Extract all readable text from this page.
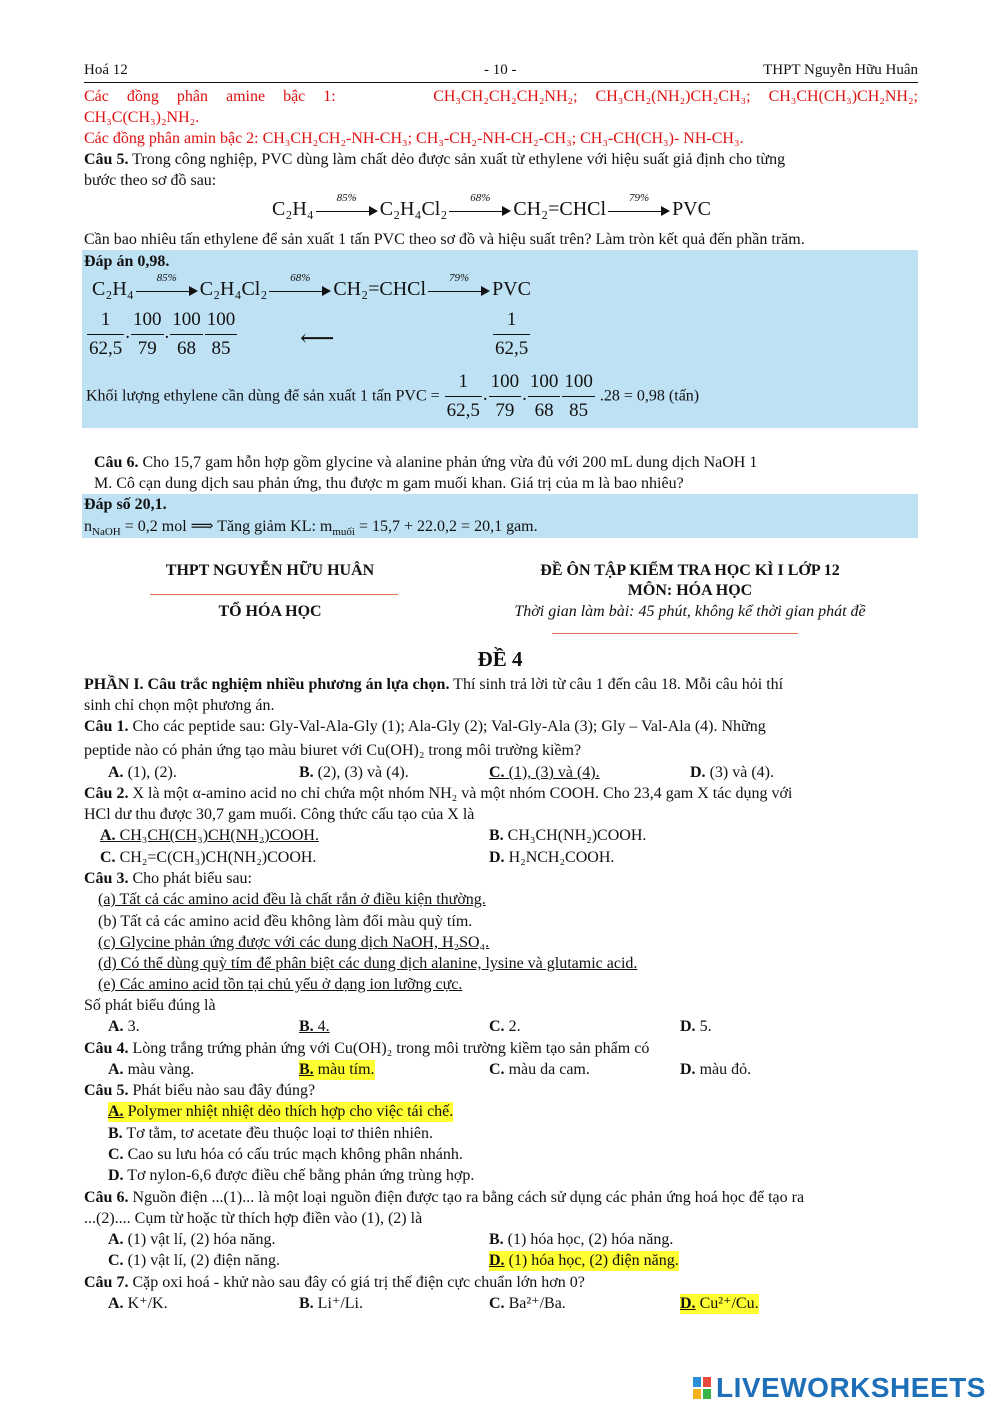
Hoá 12	- 10 -	THPT Nguyễn Hữu Huân
Các đồng phân amine bậc 1:	CH₃CH₂CH₂CH₂NH₂; CH₃CH₂(NH₂)CH₂CH₃; CH₃CH(CH₃)CH₂NH₂;
CH₃C(CH₃)₂NH₂.
Các đồng phân amin bậc 2: CH₃CH₂CH₂-NH-CH₃; CH₃-CH₂-NH-CH₂-CH₃; CH₃-CH(CH₃)- NH-CH₃.
Câu 5. Trong công nghiệp, PVC dùng làm chất dẻo được sản xuất từ ethylene với hiệu suất giả định cho từng
bước theo sơ đồ sau:
C₂H₄	85%	C₂H₄Cl₂	68%	CH₂=CHCl	79%	PVC
Cần bao nhiêu tấn ethylene để sản xuất 1 tấn PVC theo sơ đồ và hiệu suất trên? Làm tròn kết quả đến phần trăm.
Đáp án 0,98.
C₂H₄	85%	C₂H₄Cl₂	68%	CH₂=CHCl	79%	PVC
$\frac{1}{62,5}$ . $\frac{100}{79}$ . $\frac{100}{68} \frac{100}{85}$	⟵	$\frac{1}{62,5}$
Khối lượng ethylene cần dùng để sản xuất 1 tấn PVC = $\frac{1}{62,5}$ . $\frac{100}{79}$ . $\frac{100}{68} \frac{100}{85} .28 = 0,98$ (tấn)
Câu 6. Cho 15,7 gam hỗn hợp gồm glycine và alanine phản ứng vừa đủ với 200 mL dung dịch NaOH 1
M. Cô cạn dung dịch sau phản ứng, thu được m gam muối khan. Giá trị của m là bao nhiêu?
Đáp số 20,1.
$n_{NaOH} = 0,2$ mol ⟹ Tăng giảm KL: $m_{muối} = 15,7 + 22.0,2 = 20,1$ gam.
THPT NGUYỄN HỮU HUÂN
TỔ HÓA HỌC
ĐỀ ÔN TẬP KIỂM TRA HỌC KÌ I LỚP 12
MÔN: HÓA HỌC
Thời gian làm bài: 45 phút, không kể thời gian phát đề
ĐỀ 4
PHẦN I. Câu trắc nghiệm nhiều phương án lựa chọn. Thí sinh trả lời từ câu 1 đến câu 18. Mỗi câu hỏi thí
sinh chỉ chọn một phương án.
Câu 1. Cho các peptide sau: Gly-Val-Ala-Gly (1); Ala-Gly (2); Val-Gly-Ala (3); Gly – Val-Ala (4). Những
peptide nào có phản ứng tạo màu biuret với Cu(OH)₂ trong môi trường kiềm?
A. (1), (2).	B. (2), (3) và (4).	C. (1), (3) và (4).	D. (3) và (4).
Câu 2. X là một α-amino acid no chỉ chứa một nhóm NH₂ và một nhóm COOH. Cho 23,4 gam X tác dụng với
HCl dư thu được 30,7 gam muối. Công thức cấu tạo của X là
A. CH₃CH(CH₃)CH(NH₂)COOH.	B. CH₃CH(NH₂)COOH.
C. CH₂=C(CH₃)CH(NH₂)COOH.	D. H₂NCH₂COOH.
Câu 3. Cho phát biểu sau:
(a) Tất cả các amino acid đều là chất rắn ở điều kiện thường.
(b) Tất cả các amino acid đều không làm đổi màu quỳ tím.
(c) Glycine phản ứng được với các dung dịch NaOH, H₂SO₄.
(d) Có thể dùng quỳ tím để phân biệt các dung dịch alanine, lysine và glutamic acid.
(e) Các amino acid tồn tại chủ yếu ở dạng ion lưỡng cực.
Số phát biểu đúng là
A. 3.	B. 4.	C. 2.	D. 5.
Câu 4. Lòng trắng trứng phản ứng với Cu(OH)₂ trong môi trường kiềm tạo sản phẩm có
A. màu vàng.	B. màu tím.	C. màu da cam.	D. màu đỏ.
Câu 5. Phát biểu nào sau đây đúng?
A. Polymer nhiệt nhiệt dẻo thích hợp cho việc tái chế.
B. Tơ tằm, tơ acetate đều thuộc loại tơ thiên nhiên.
C. Cao su lưu hóa có cấu trúc mạch không phân nhánh.
D. Tơ nylon-6,6 được điều chế bằng phản ứng trùng hợp.
Câu 6. Nguồn điện ...(1)... là một loại nguồn điện được tạo ra bằng cách sử dụng các phản ứng hoá học để tạo ra
...(2).... Cụm từ hoặc từ thích hợp điền vào (1), (2) là
A. (1) vật lí, (2) hóa năng.	B. (1) hóa học, (2) hóa năng.
C. (1) vật lí, (2) điện năng.	D. (1) hóa học, (2) điện năng.
Câu 7. Cặp oxi hoá - khử nào sau đây có giá trị thế điện cực chuẩn lớn hơn 0?
A. K⁺/K.	B. Li⁺/Li.	C. Ba²⁺/Ba.	D. Cu²⁺/Cu.
LIVEWORKSHEETS
